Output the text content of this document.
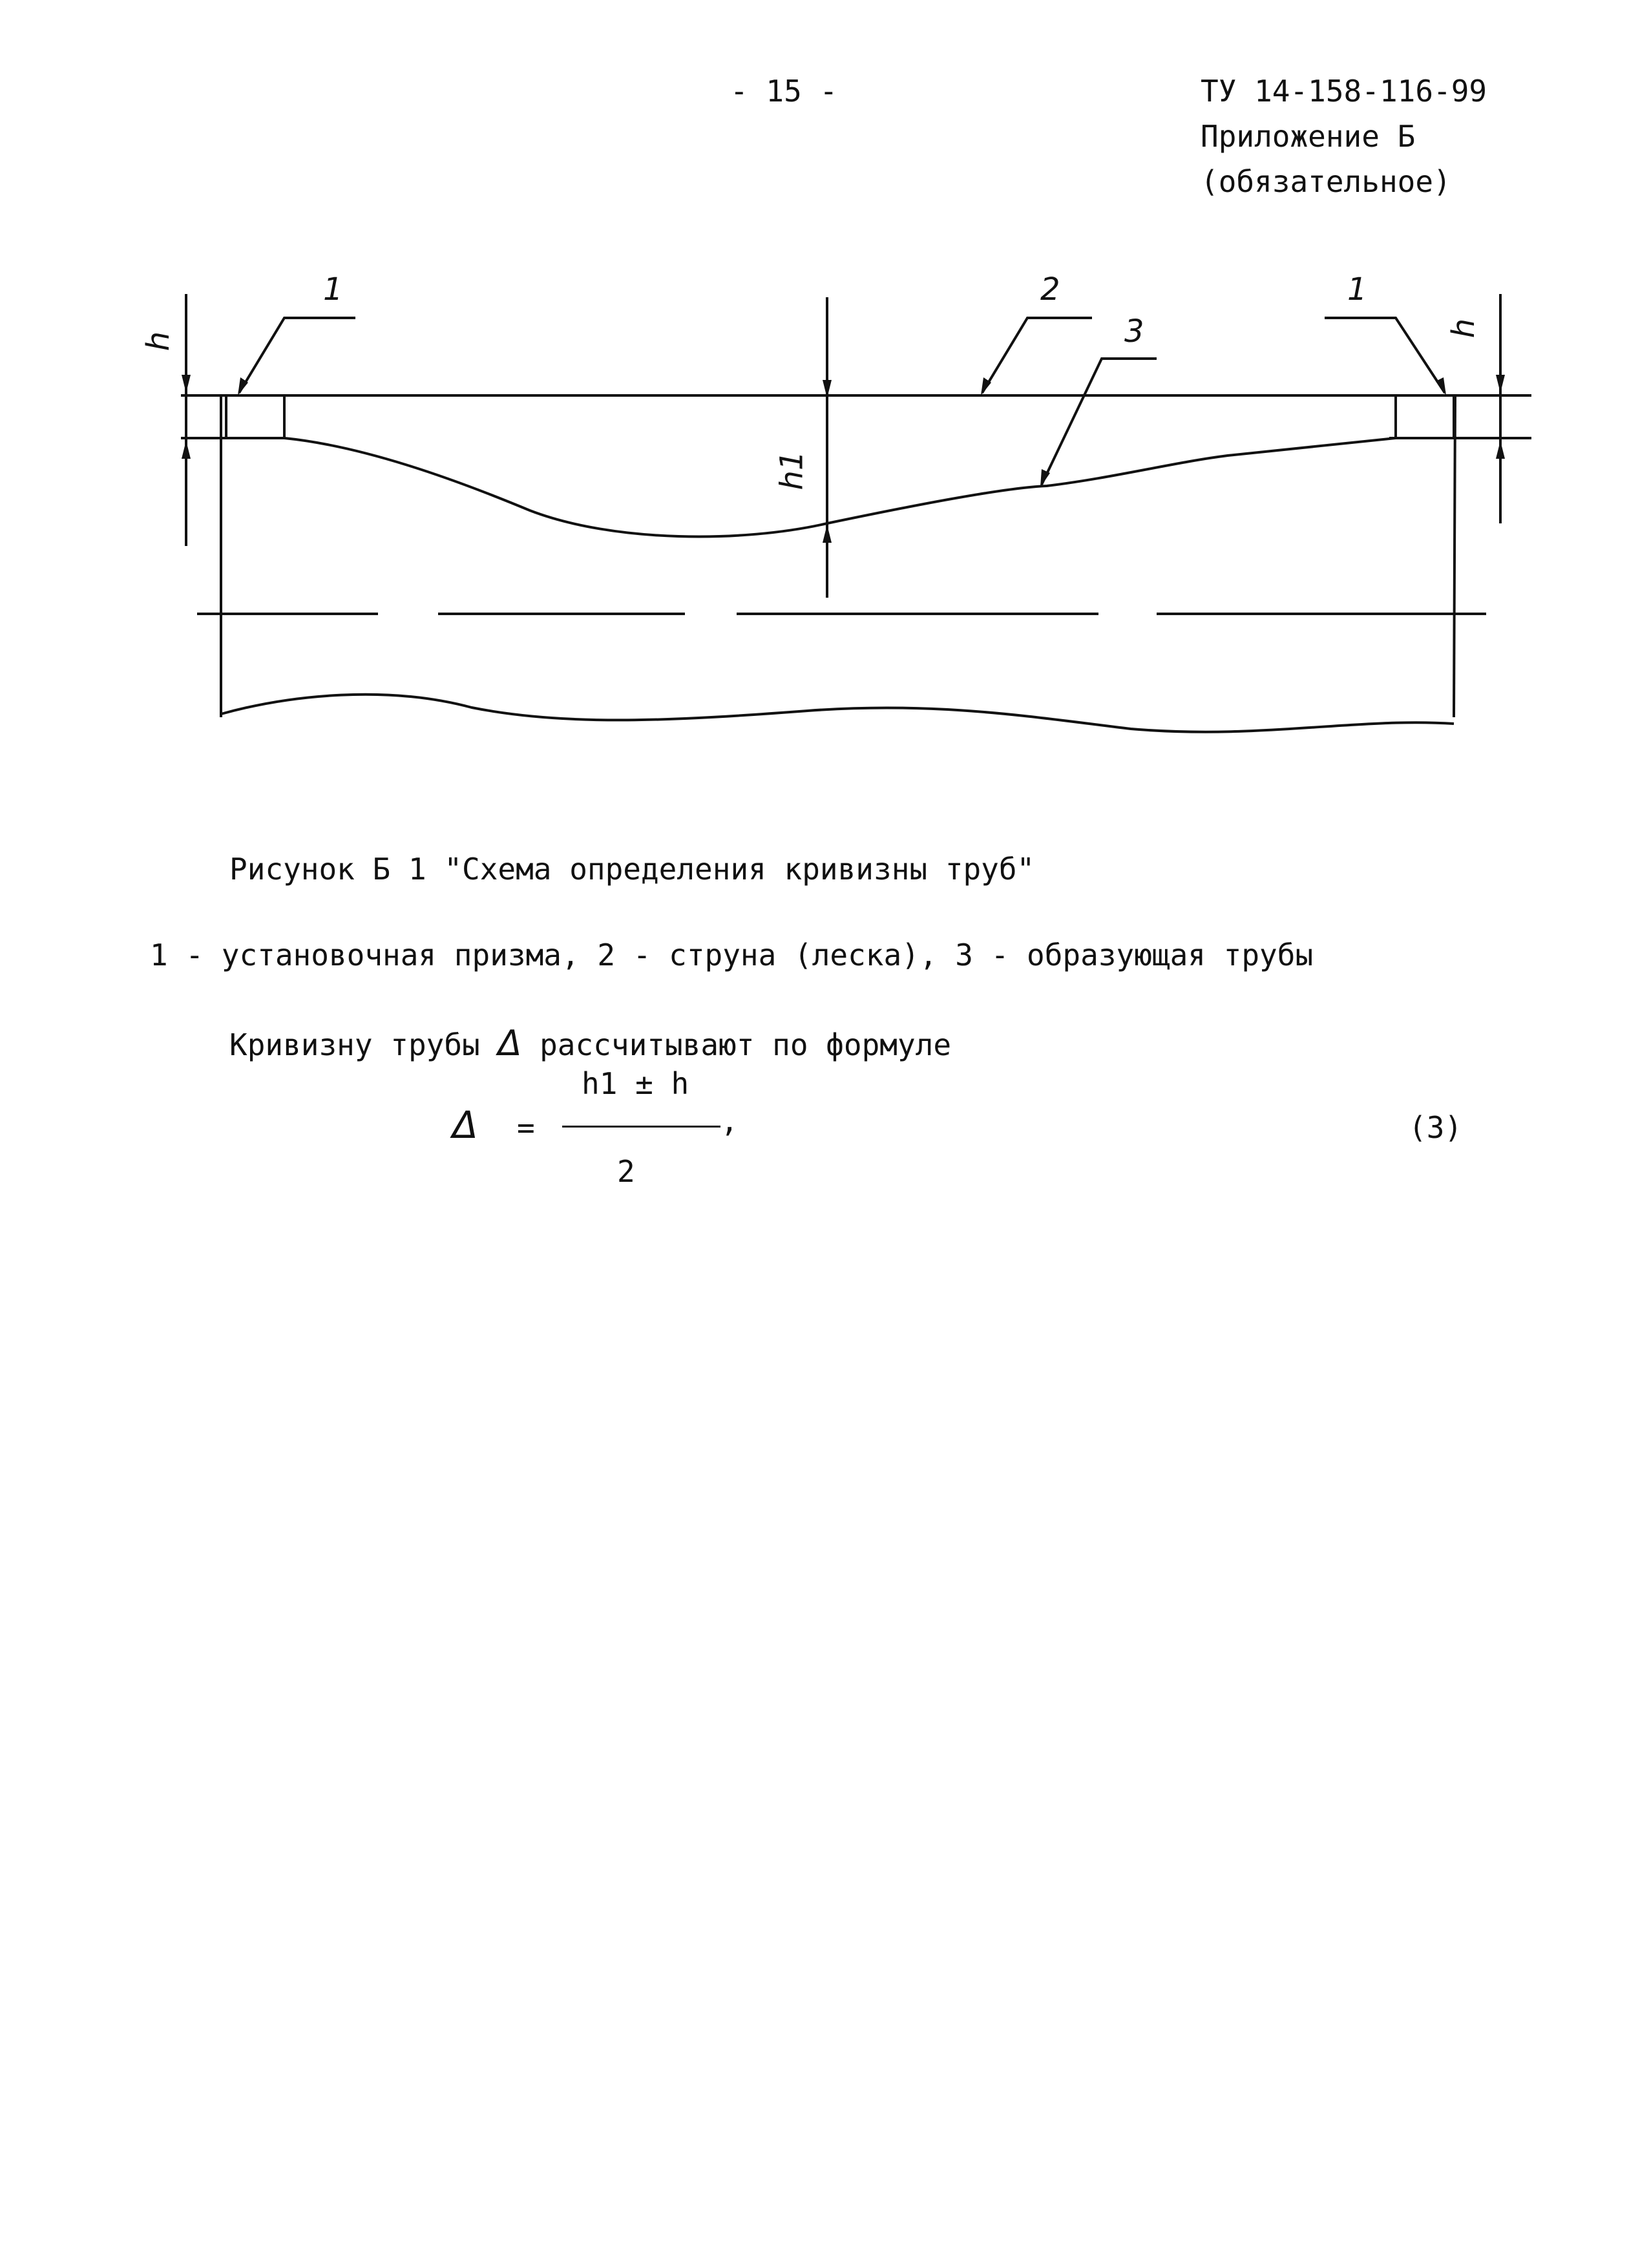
- 15 -	ТУ 14-158-116-99
Приложение Б
(обязательное)
1	2
3
1
h
h1
h
Рисунок Б 1 "Схема определения кривизны труб"
1 - установочная призма, 2 - струна (леска), 3 - образующая трубы
Кривизну трубы Δ рассчитывают по формуле
Δ =
h1 ± h
,
2
(3)
